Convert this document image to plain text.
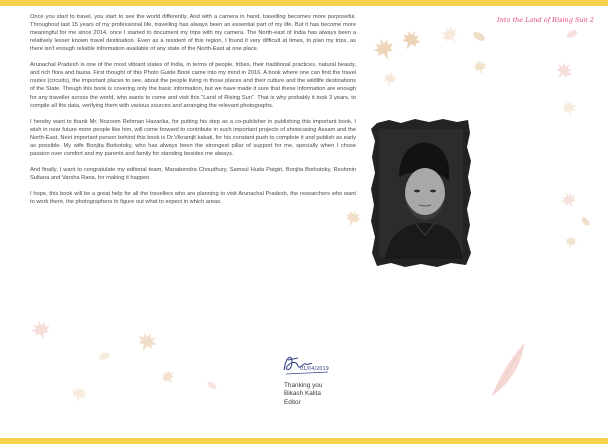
Into the Land of Rising Sun 2

Once you start to travel, you start to see the world differently. And with a camera in hand, travelling becomes more purposeful. Throughout last 15 years of my professional life, travelling has always been an essential part of my life. But it has become more meaningful for me since 2014, once I started to document my trips with my camera. The North-east of India has always been a relatively lesser known travel destination. Even as a resident of this region, I found it very difficult at times, to plan my trips, as there isn't enough reliable information available of any state of the North-East at one place.

Arunachal Pradesh is one of the most vibrant states of India, in terms of people, tribes, their traditional practices, natural beauty, and rich flora and fauna. First thought of this Photo Guide Book came into my mind in 2016. A book where one can find the travel routes (circuits), the important places to see, about the people living in those places and their culture and the wildlife destinations of the State. Though this book is covering only the basic information, but we have made it sure that these information are enough for any traveller across the world, who wants to come and visit this "Land of Rising Sun". That is why probably it took 3 years, to compile all the data, verifying them with various sources and arranging the relevant photographs.

I hereby want to thank Mr. Nozoom Rehman Hazarika, for putting his step as a co-publisher in publishing this important book. I wish in near future more people like him, will come forward to contribute in such important projects of showcasing Assam and the North-East. Next important person behind this book is Dr.Vikramjit kakati, for his constant push to complete it and publish as early as possible. My wife Bonjita Borkotoky, who has always been the strongest pillar of support for me, specially when I chose passion over comfort and my parents and family for standing besides me always.

And finally, I want to congratulate my editorial team, Manabendra Choudhury, Samsul Huda Patgiri, Bonjita Borkotoky, Reshmin Sultana and Varsha Rana, for making it happen.

I hope, this book will be a great help for all the travellers who are planning to visit Arunachal Pradesh, the researchers who want to work there, the photographers to figure out what to expect in which areas.

01/04/2019
Thanking you
Bikash Kalita
Editor
